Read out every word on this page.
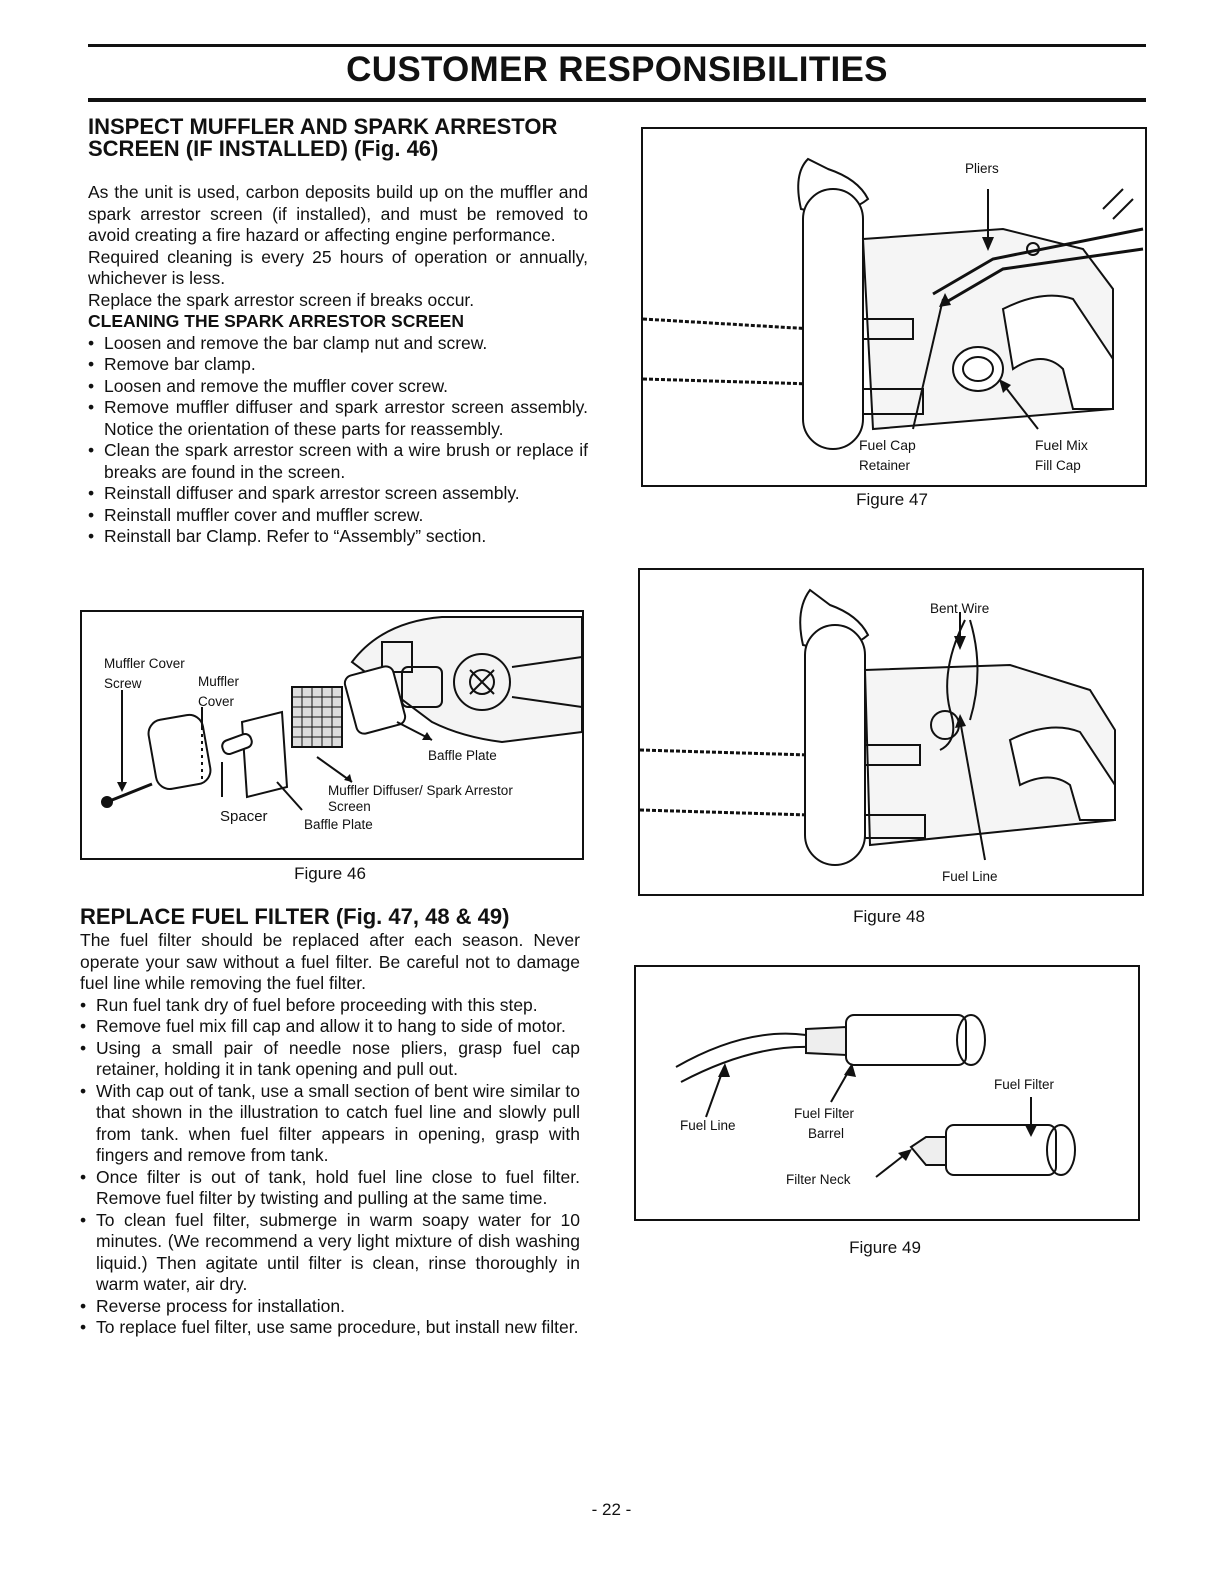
CUSTOMER RESPONSIBILITIES

INSPECT MUFFLER AND SPARK ARRESTOR

SCREEN (IF INSTALLED) (Fig. 46)

As the unit is used, carbon deposits build up on the muffler and spark arrestor screen (if installed), and must be removed to avoid creating a fire hazard or affecting engine performance.

Required cleaning is every 25 hours of operation or annually, whichever is less.

Replace the spark arrestor screen if breaks occur.

CLEANING THE SPARK ARRESTOR SCREEN

• Loosen and remove the bar clamp nut and screw.
• Remove bar clamp.
• Loosen and remove the muffler cover screw.
• Remove muffler diffuser and spark arrestor screen assembly. Notice the orientation of these parts for reassembly.
• Clean the spark arrestor screen with a wire brush or replace if breaks are found in the screen.
• Reinstall diffuser and spark arrestor screen assembly.
• Reinstall muffler cover and muffler screw.
• Reinstall bar Clamp. Refer to “Assembly” section.
Muffler Cover
Screw	Muffler
Cover
Baffle Plate
Muffler Diffuser/ Spark Arrestor
Screen
Spacer	Baffle Plate
Figure 46

REPLACE FUEL FILTER (Fig. 47, 48 & 49)

The fuel filter should be replaced after each season. Never operate your saw without a fuel filter. Be careful not to damage fuel line while removing the fuel filter.

• Run fuel tank dry of fuel before proceeding with this step.
• Remove fuel mix fill cap and allow it to hang to side of motor.
• Using a small pair of needle nose pliers, grasp fuel cap retainer, holding it in tank opening and pull out.
• With cap out of tank, use a small section of bent wire similar to that shown in the illustration to catch fuel line and slowly pull from tank. when fuel filter appears in opening, grasp with fingers and remove from tank.
• Once filter is out of tank, hold fuel line close to fuel filter. Remove fuel filter by twisting and pulling at the same time.
• To clean fuel filter, submerge in warm soapy water for 10 minutes. (We recommend a very light mixture of dish washing liquid.) Then agitate until filter is clean, rinse thoroughly in warm water, air dry.
• Reverse process for installation.
• To replace fuel filter, use same procedure, but install new filter.
Pliers
Fuel Cap
Retainer
Fuel Mix
Fill Cap
Figure 47
Bent Wire
Fuel Line
Figure 48
Fuel Line
Fuel Filter
Barrel
Fuel Filter
Filter Neck
Figure 49
- 22 -
